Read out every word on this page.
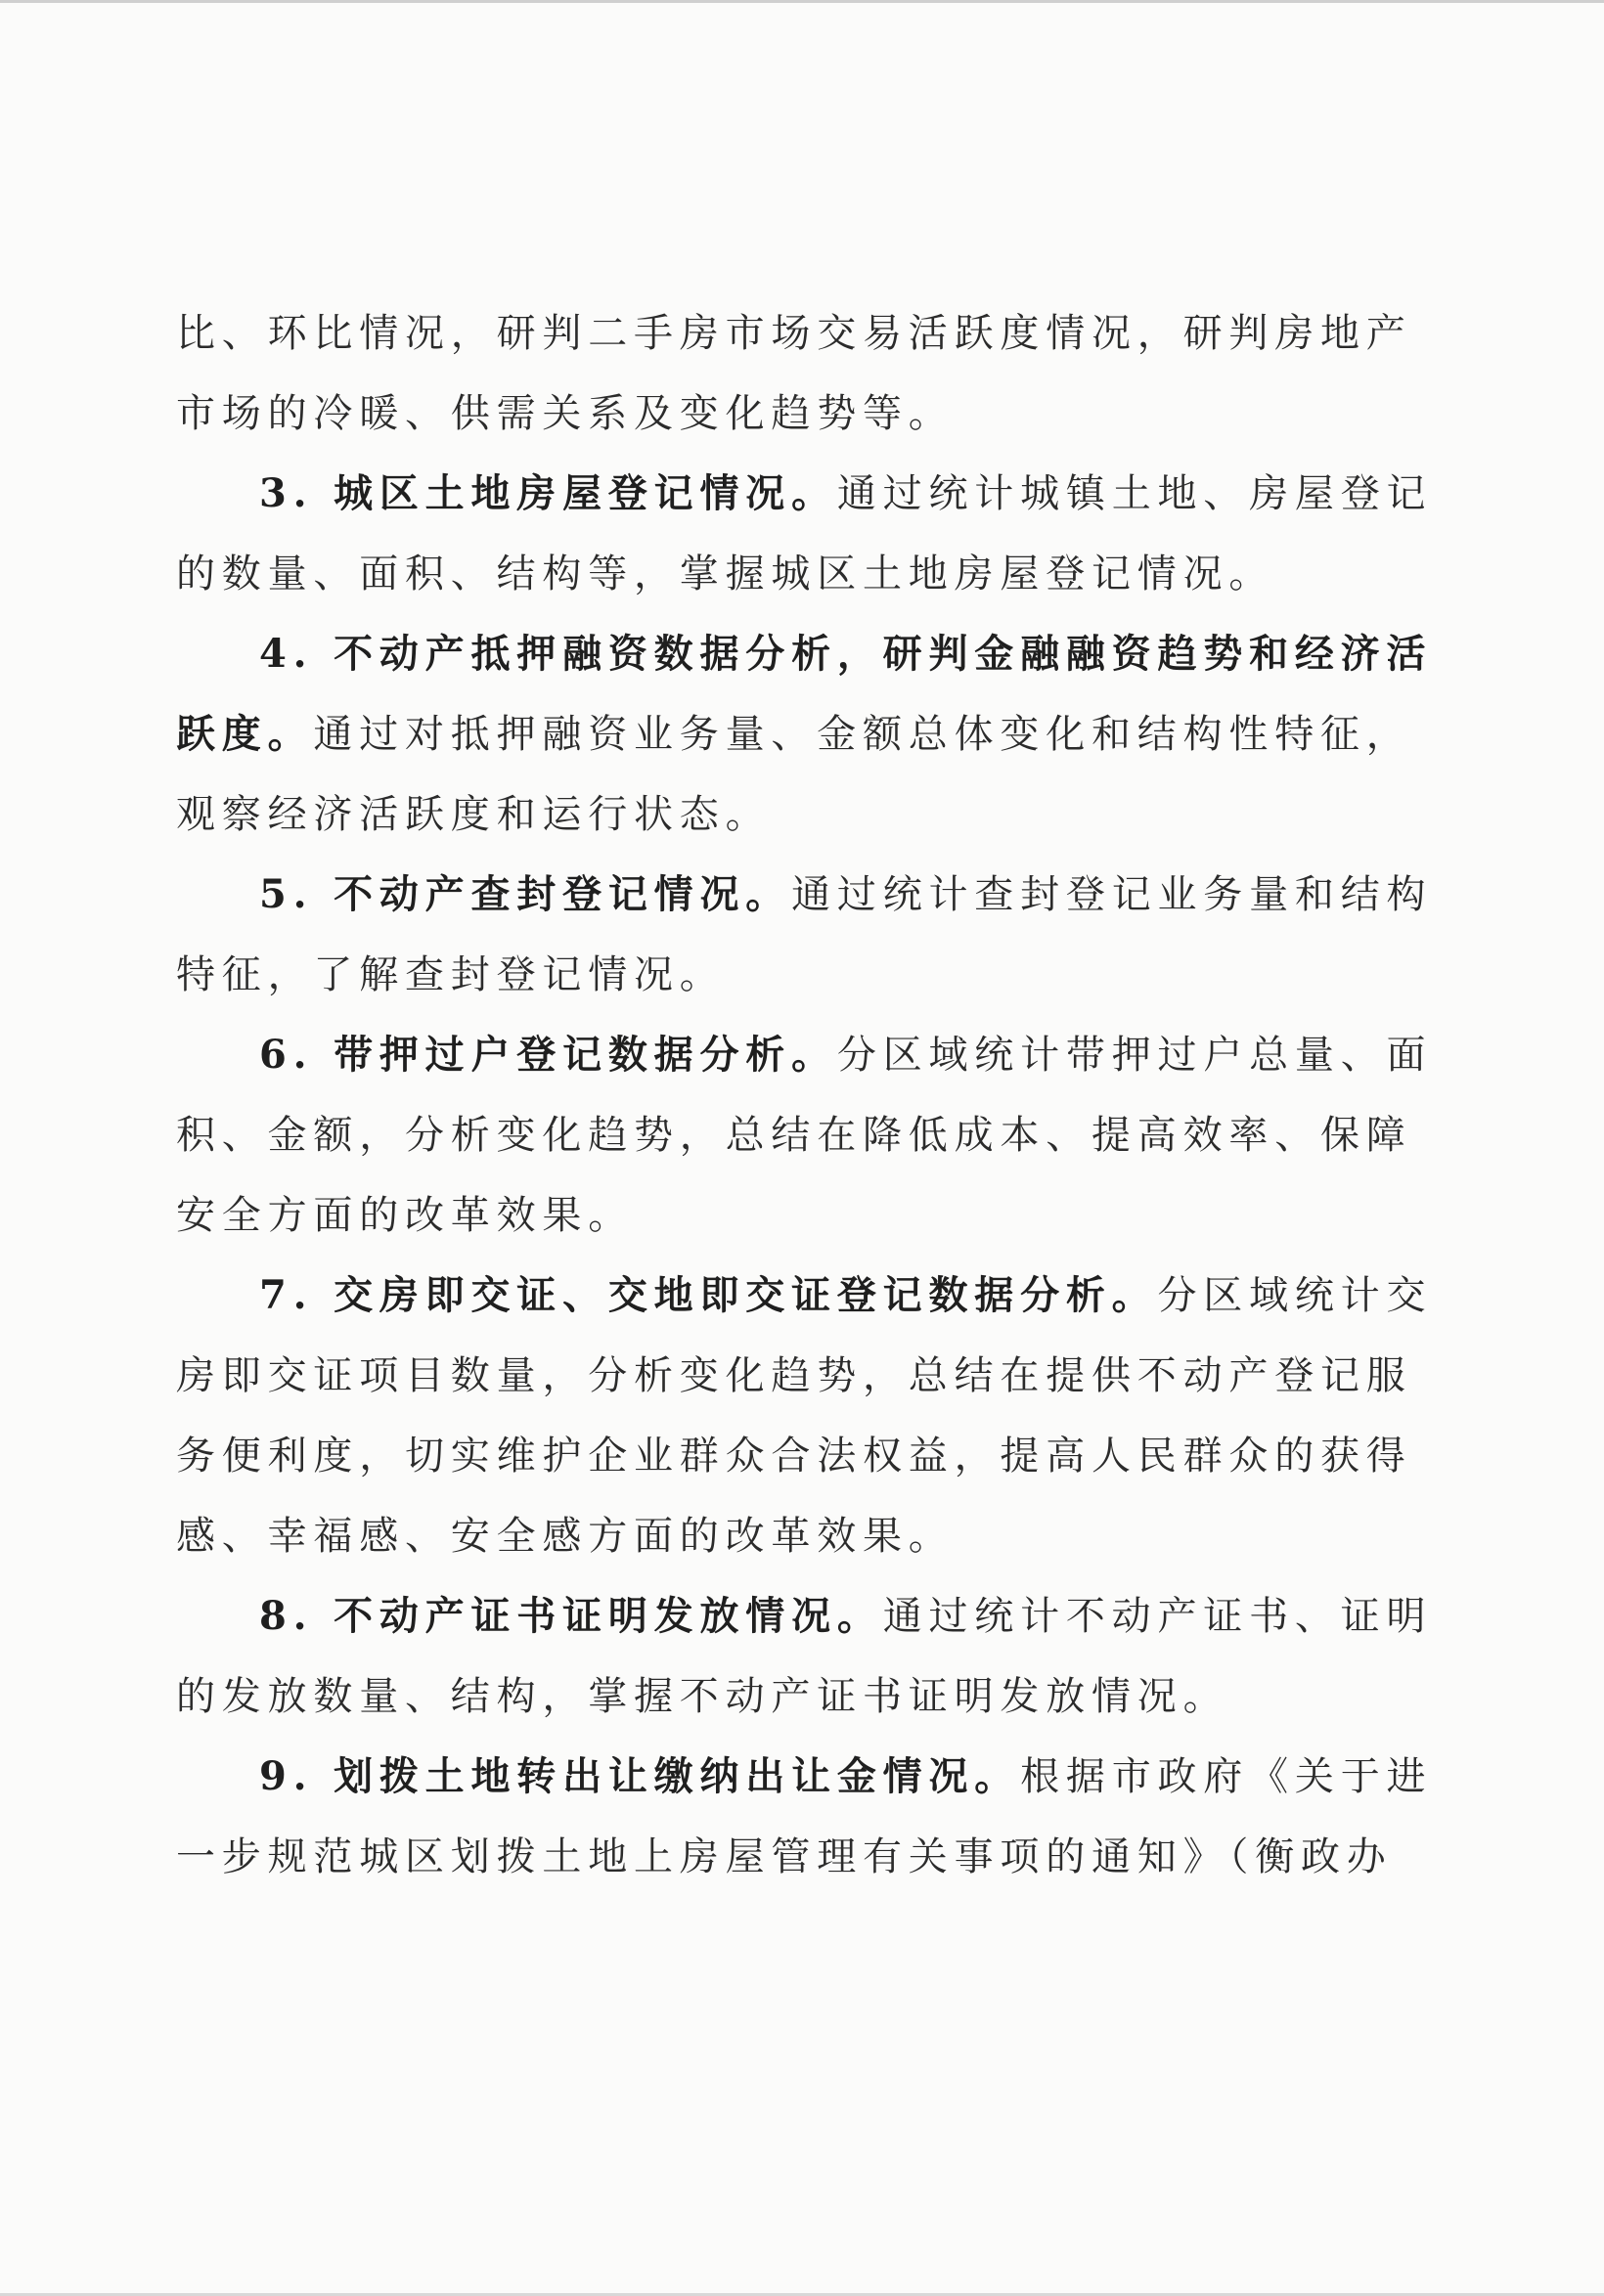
比、环比情况，研判二手房市场交易活跃度情况，研判房地产
市场的冷暖、供需关系及变化趋势等。
3. 城区土地房屋登记情况。通过统计城镇土地、房屋登记
的数量、面积、结构等，掌握城区土地房屋登记情况。
4. 不动产抵押融资数据分析，研判金融融资趋势和经济活
跃度。通过对抵押融资业务量、金额总体变化和结构性特征，
观察经济活跃度和运行状态。
5. 不动产查封登记情况。通过统计查封登记业务量和结构
特征，了解查封登记情况。
6. 带押过户登记数据分析。分区域统计带押过户总量、面
积、金额，分析变化趋势，总结在降低成本、提高效率、保障
安全方面的改革效果。
7. 交房即交证、交地即交证登记数据分析。分区域统计交
房即交证项目数量，分析变化趋势，总结在提供不动产登记服
务便利度，切实维护企业群众合法权益，提高人民群众的获得
感、幸福感、安全感方面的改革效果。
8. 不动产证书证明发放情况。通过统计不动产证书、证明
的发放数量、结构，掌握不动产证书证明发放情况。
9. 划拨土地转出让缴纳出让金情况。根据市政府《关于进
一步规范城区划拨土地上房屋管理有关事项的通知》（衡政办
